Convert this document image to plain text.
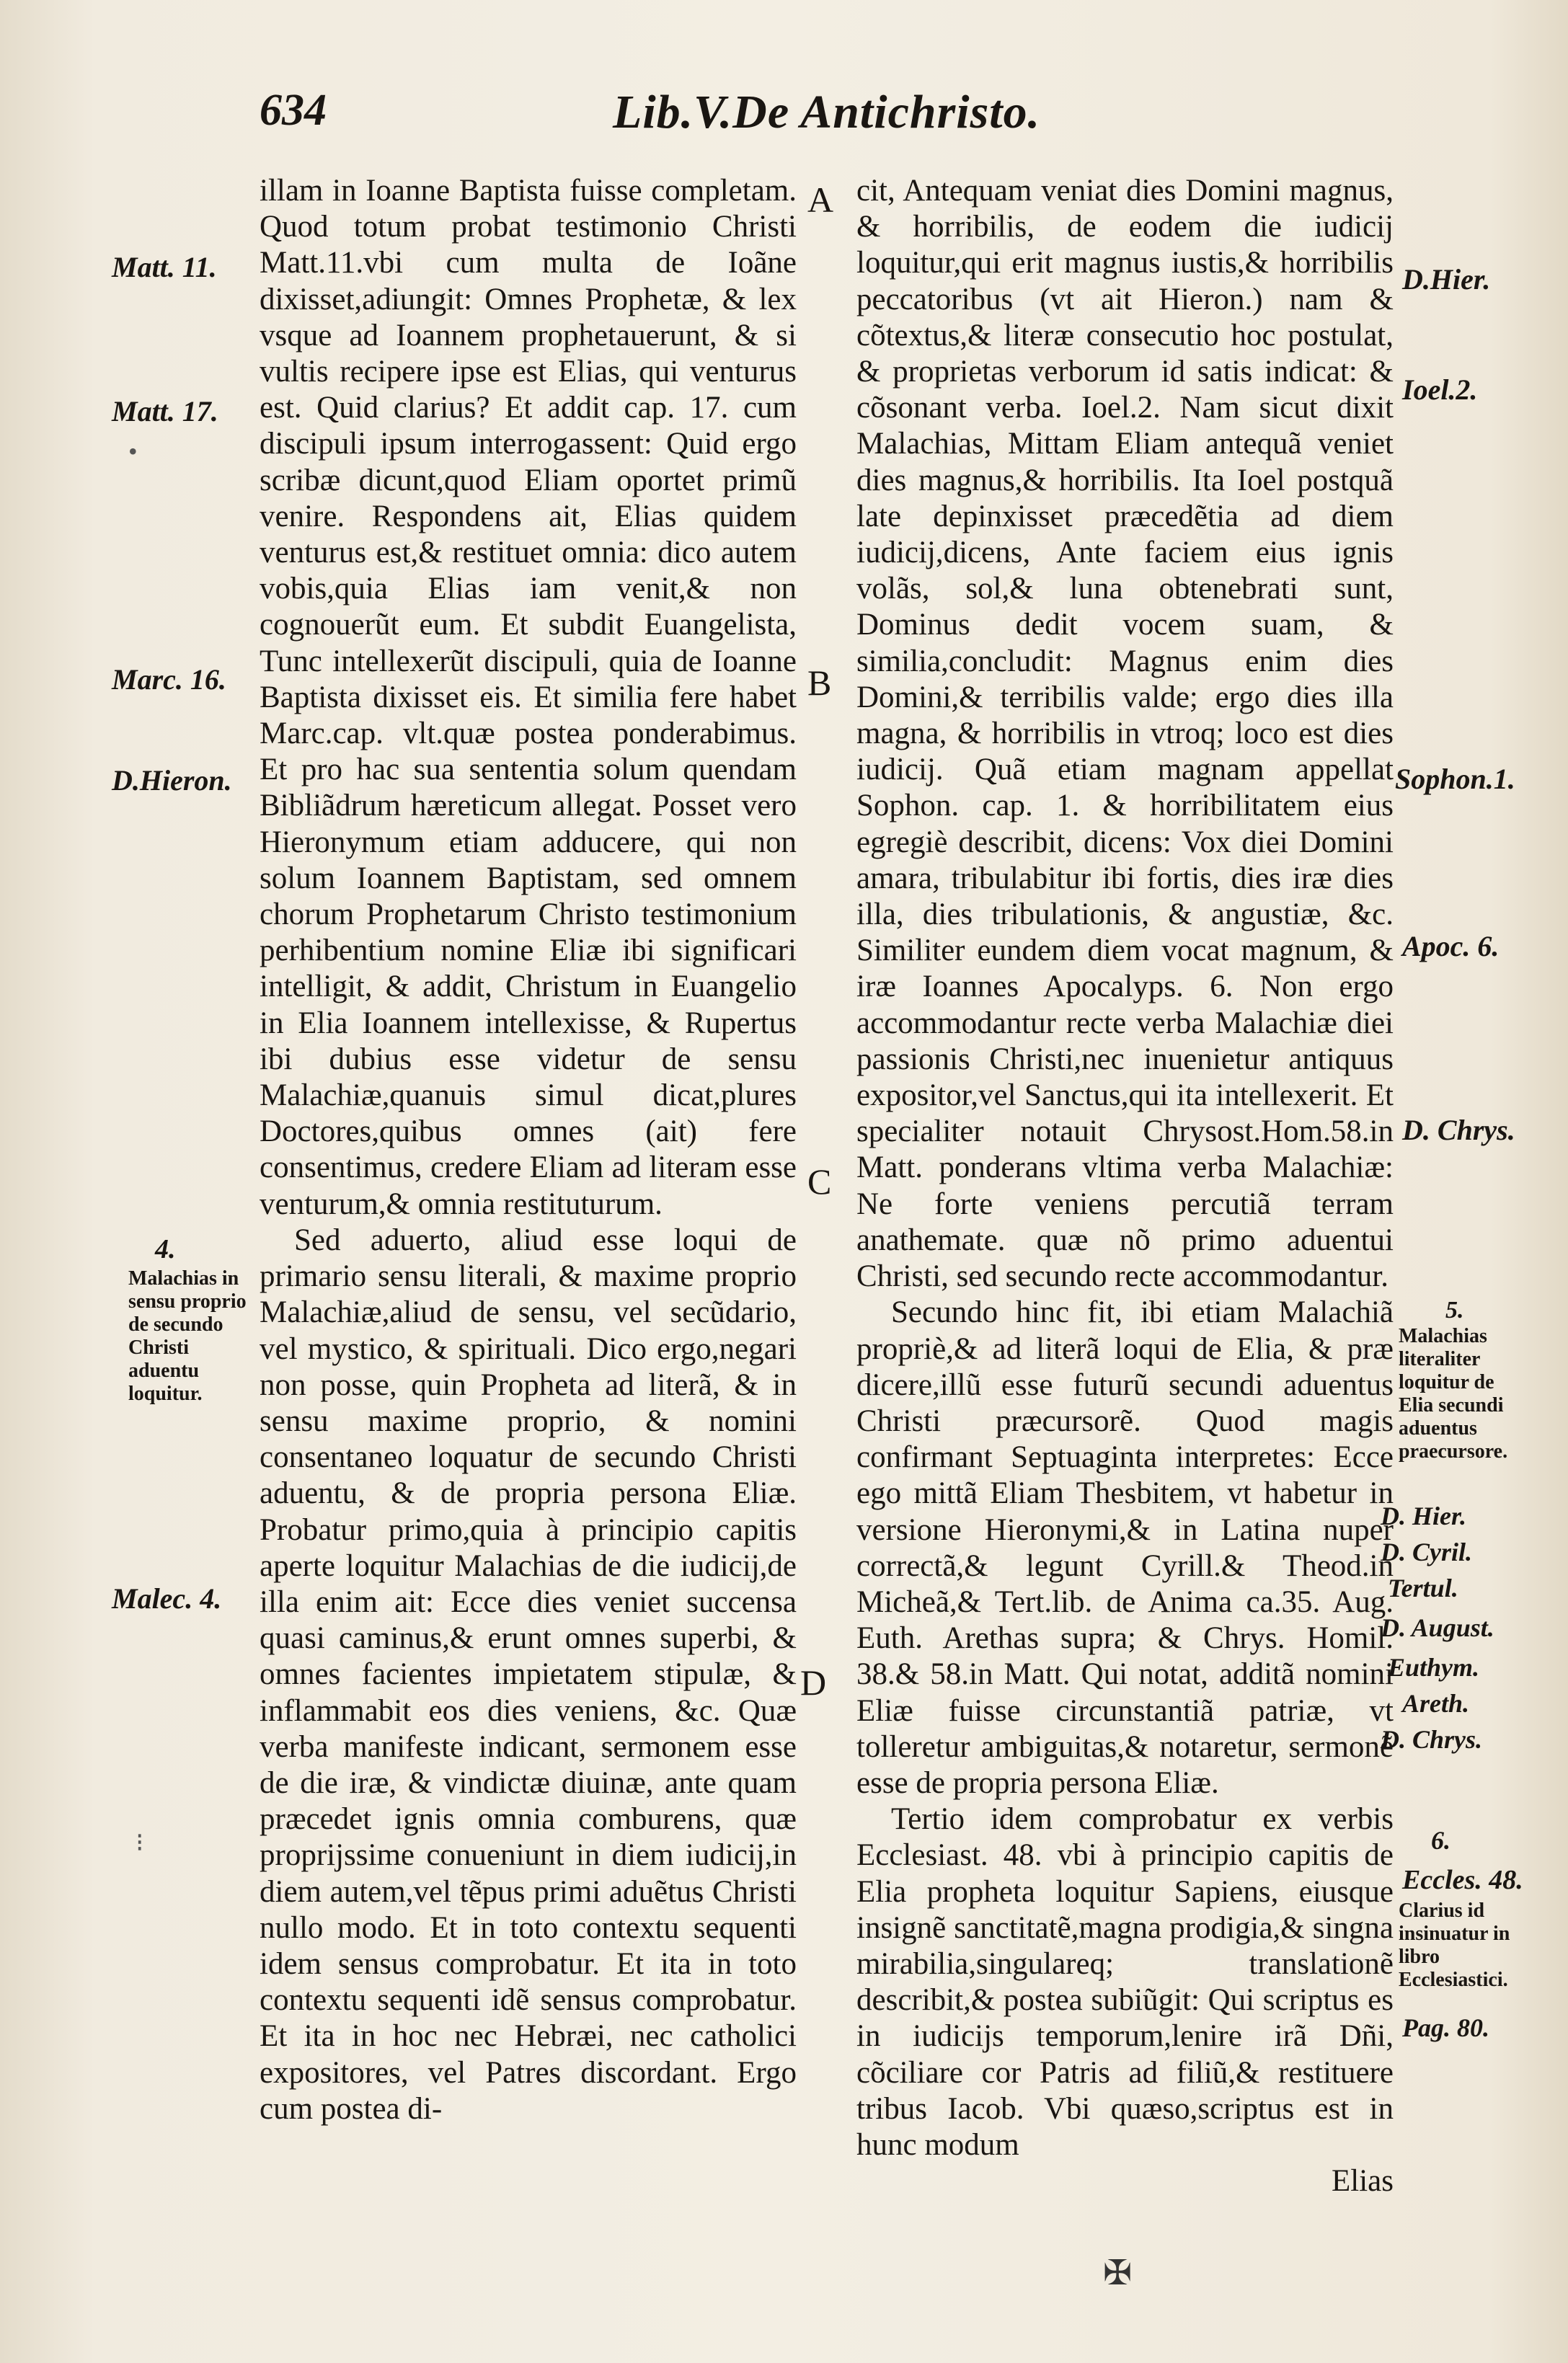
634	Lib.V.De Antichristo.
A
B
C
D
Matt. 11.
Matt. 17.
Marc. 16.
D.Hieron.
4.
Malachias in sensu proprio de secundo Christi aduentu loquitur.
Malec. 4.

illam in Ioanne Baptista fuisse completam. Quod totum probat testimonio Christi Matt.11.vbi cum multa de Ioãne dixisset,adiungit: Omnes Prophetæ, & lex vsque ad Ioannem prophetauerunt, & si vultis recipere ipse est Elias, qui venturus est. Quid clarius? Et addit cap. 17. cum discipuli ipsum interrogassent: Quid ergo scribæ dicunt,quod Eliam oportet primũ venire. Respondens ait, Elias quidem venturus est,& restituet omnia: dico autem vobis,quia Elias iam venit,& non cognouerũt eum. Et subdit Euangelista, Tunc intellexerũt discipuli, quia de Ioanne Baptista dixisset eis. Et similia fere habet Marc.cap. vlt.quæ postea ponderabimus. Et pro hac sua sententia solum quendam Bibliãdrum hæreticum allegat. Posset vero Hieronymum etiam adducere, qui non solum Ioannem Baptistam, sed omnem chorum Prophetarum Christo testimonium perhibentium nomine Eliæ ibi significari intelligit, & addit, Christum in Euangelio in Elia Ioannem intellexisse, & Rupertus ibi dubius esse videtur de sensu Malachiæ,quanuis simul dicat,plures Doctores,quibus omnes (ait) fere consentimus, credere Eliam ad literam esse venturum,& omnia restituturum.

Sed aduerto, aliud esse loqui de primario sensu literali, & maxime proprio Malachiæ,aliud de sensu, vel secũdario, vel mystico, & spirituali. Dico ergo,negari non posse, quin Propheta ad literã, & in sensu maxime proprio, & nomini consentaneo loquatur de secundo Christi aduentu, & de propria persona Eliæ. Probatur primo,quia à principio capitis aperte loquitur Malachias de die iudicij,de illa enim ait: Ecce dies veniet succensa quasi caminus,& erunt omnes superbi, & omnes facientes impietatem stipulæ, & inflammabit eos dies veniens, &c. Quæ verba manifeste indicant, sermonem esse de die iræ, & vindictæ diuinæ, ante quam præcedet ignis omnia comburens, quæ proprijssime conueniunt in diem iudicij,in diem autem,vel tẽpus primi aduẽtus Christi nullo modo. Et in toto contextu sequenti idem sensus comprobatur. Et ita in toto contextu sequenti idẽ sensus comprobatur. Et ita in hoc nec Hebræi, nec catholici expositores, vel Patres discordant. Ergo cum postea di-

cit, Antequam veniat dies Domini magnus, & horribilis, de eodem die iudicij loquitur,qui erit magnus iustis,& horribilis peccatoribus (vt ait Hieron.) nam & cõtextus,& literæ consecutio hoc postulat, & proprietas verborum id satis indicat: & cõsonant verba. Ioel.2. Nam sicut dixit Malachias, Mittam Eliam antequã veniet dies magnus,& horribilis. Ita Ioel postquã late depinxisset præcedẽtia ad diem iudicij,dicens, Ante faciem eius ignis volãs, sol,& luna obtenebrati sunt, Dominus dedit vocem suam, & similia,concludit: Magnus enim dies Domini,& terribilis valde; ergo dies illa magna, & horribilis in vtroq; loco est dies iudicij. Quã etiam magnam appellat Sophon. cap. 1. & horribilitatem eius egregiè describit, dicens: Vox diei Domini amara, tribulabitur ibi fortis, dies iræ dies illa, dies tribulationis, & angustiæ, &c. Similiter eundem diem vocat magnum, & iræ Ioannes Apocalyps. 6. Non ergo accommodantur recte verba Malachiæ diei passionis Christi,nec inuenietur antiquus expositor,vel Sanctus,qui ita intellexerit. Et specialiter notauit Chrysost.Hom.58.in Matt. ponderans vltima verba Malachiæ: Ne forte veniens percutiã terram anathemate. quæ nõ primo aduentui Christi, sed secundo recte accommodantur.

Secundo hinc fit, ibi etiam Malachiã propriè,& ad literã loqui de Elia, & præ dicere,illũ esse futurũ secundi aduentus Christi præcursorẽ. Quod magis confirmant Septuaginta interpretes: Ecce ego mittã Eliam Thesbitem, vt habetur in versione Hieronymi,& in Latina nuper correctã,& legunt Cyrill.& Theod.in Micheã,& Tert.lib. de Anima ca.35. Aug. Euth. Arethas supra; & Chrys. Homil. 38.& 58.in Matt. Qui notat, additã nomini Eliæ fuisse circunstantiã patriæ, vt tolleretur ambiguitas,& notaretur, sermonẽ esse de propria persona Eliæ.

Tertio idem comprobatur ex verbis Ecclesiast. 48. vbi à principio capitis de Elia propheta loquitur Sapiens, eiusque insignẽ sanctitatẽ,magna prodigia,& singna mirabilia,singulareq; translationẽ describit,& postea subiũgit: Qui scriptus es in iudicijs temporum,lenire irã Dñi, cõciliare cor Patris ad filiũ,& restituere tribus Iacob. Vbi quæso,scriptus est in hunc modum

Elias

D.Hier.
Ioel.2.
Sophon.1.
Apoc. 6.
D. Chrys.
5.
Malachias literaliter loquitur de Elia secundi aduentus praecursore.
D. Hier.
D. Cyril.
Tertul.
D. August.
Euthym.
Areth.
D. Chrys.
6.
Eccles. 48.
Clarius id insinuatur in libro Ecclesiastici.
Pag. 80.
•
⁝
✠
